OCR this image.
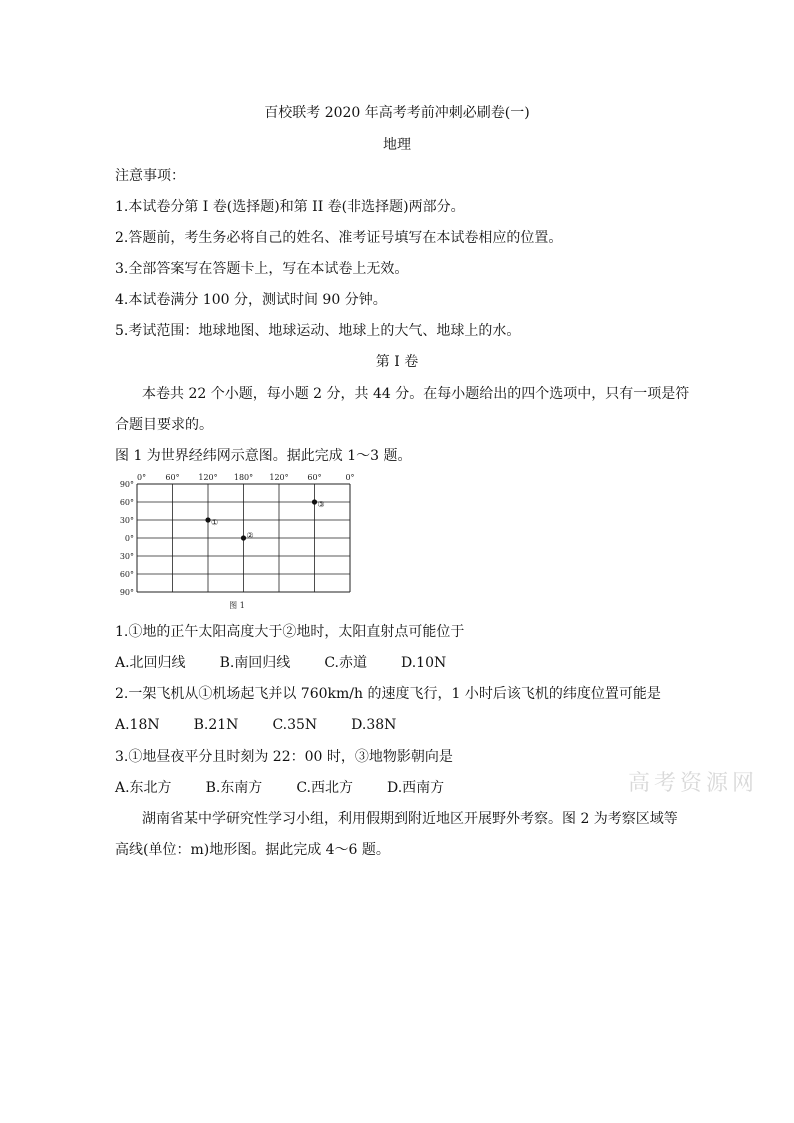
百校联考 2020 年高考考前冲刺必刷卷(一)
地理
注意事项：
1.本试卷分第 I 卷(选择题)和第 II 卷(非选择题)两部分。
2.答题前，考生务必将自己的姓名、准考证号填写在本试卷相应的位置。
3.全部答案写在答题卡上，写在本试卷上无效。
4.本试卷满分 100 分，测试时间 90 分钟。
5.考试范围：地球地图、地球运动、地球上的大气、地球上的水。
第 I 卷
本卷共 22 个小题，每小题 2 分，共 44 分。在每小题给出的四个选项中，只有一项是符
合题目要求的。
图 1 为世界经纬网示意图。据此完成 1～3 题。
0° 60° 120° 180° 120° 60°	0°
90°
60°
30°
0°
30°
60°
90°
①
②
③
图 1
1.①地的正午太阳高度大于②地时，太阳直射点可能位于
A.北回归线 B.南回归线 C.赤道 D.10N
2.一架飞机从①机场起飞并以 760km/h 的速度飞行，1 小时后该飞机的纬度位置可能是
A.18N B.21N C.35N D.38N
3.①地昼夜平分且时刻为 22：00 时，③地物影朝向是
A.东北方 B.东南方 C.西北方 D.西南方
湖南省某中学研究性学习小组，利用假期到附近地区开展野外考察。图 2 为考察区域等
高线(单位：m)地形图。据此完成 4～6 题。
高考资源网
